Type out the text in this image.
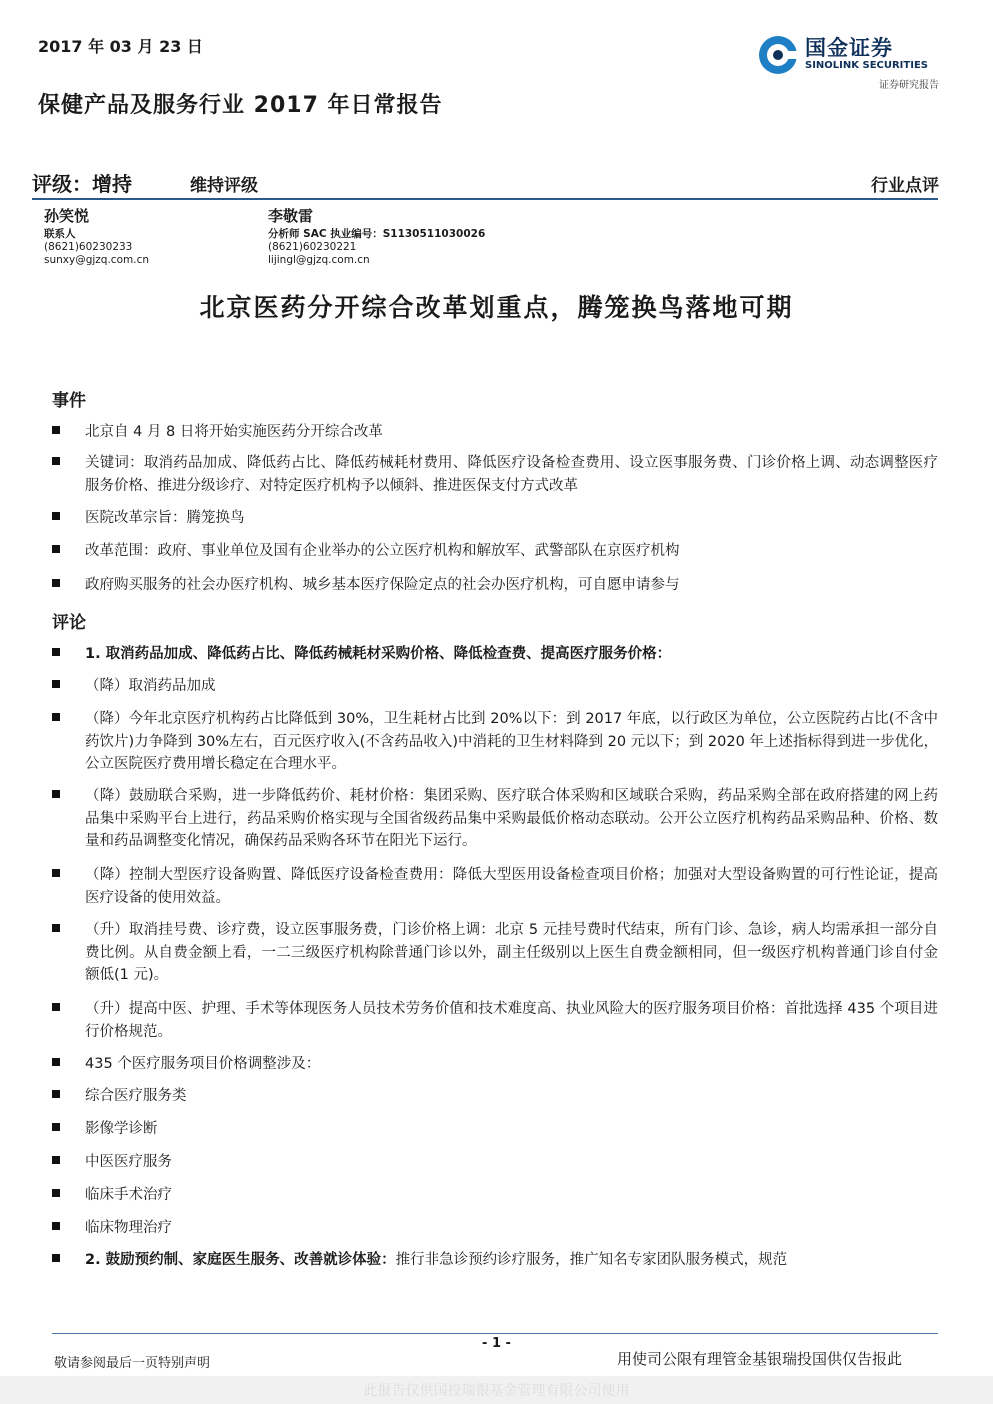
2017 年 03 月 23 日
保健产品及服务行业 2017 年日常报告
国金证券
SINOLINK SECURITIES
证券研究报告
评级：增持	维持评级	行业点评
孙笑悦
联系人
(8621)60230233
sunxy@gjzq.com.cn
李敬雷
分析师 SAC 执业编号：S1130511030026
(8621)60230221
lijingl@gjzq.com.cn
北京医药分开综合改革划重点，腾笼换鸟落地可期
事件
北京自 4 月 8 日将开始实施医药分开综合改革
关键词：取消药品加成、降低药占比、降低药械耗材费用、降低医疗设备检查费用、设立医事服务费、门诊价格上调、动态调整医疗服务价格、推进分级诊疗、对特定医疗机构予以倾斜、推进医保支付方式改革
医院改革宗旨：腾笼换鸟
改革范围：政府、事业单位及国有企业举办的公立医疗机构和解放军、武警部队在京医疗机构
政府购买服务的社会办医疗机构、城乡基本医疗保险定点的社会办医疗机构，可自愿申请参与
评论
1. 取消药品加成、降低药占比、降低药械耗材采购价格、降低检查费、提高医疗服务价格：
（降）取消药品加成
（降）今年北京医疗机构药占比降低到 30%，卫生耗材占比到 20%以下：到 2017 年底，以行政区为单位，公立医院药占比(不含中药饮片)力争降到 30%左右，百元医疗收入(不含药品收入)中消耗的卫生材料降到 20 元以下；到 2020 年上述指标得到进一步优化，公立医院医疗费用增长稳定在合理水平。
（降）鼓励联合采购，进一步降低药价、耗材价格：集团采购、医疗联合体采购和区域联合采购，药品采购全部在政府搭建的网上药品集中采购平台上进行，药品采购价格实现与全国省级药品集中采购最低价格动态联动。公开公立医疗机构药品采购品种、价格、数量和药品调整变化情况，确保药品采购各环节在阳光下运行。
（降）控制大型医疗设备购置、降低医疗设备检查费用：降低大型医用设备检查项目价格；加强对大型设备购置的可行性论证，提高医疗设备的使用效益。
（升）取消挂号费、诊疗费，设立医事服务费，门诊价格上调：北京 5 元挂号费时代结束，所有门诊、急诊，病人均需承担一部分自费比例。从自费金额上看，一二三级医疗机构除普通门诊以外，副主任级别以上医生自费金额相同，但一级医疗机构普通门诊自付金额低(1 元)。
（升）提高中医、护理、手术等体现医务人员技术劳务价值和技术难度高、执业风险大的医疗服务项目价格：首批选择 435 个项目进行价格规范。
435 个医疗服务项目价格调整涉及：
综合医疗服务类
影像学诊断
中医医疗服务
临床手术治疗
临床物理治疗
2. 鼓励预约制、家庭医生服务、改善就诊体验：推行非急诊预约诊疗服务，推广知名专家团队服务模式，规范
- 1 -
敬请参阅最后一页特别声明	用使司公限有理管金基银瑞投国供仅告报此
此报告仅供国投瑞银基金管理有限公司使用
